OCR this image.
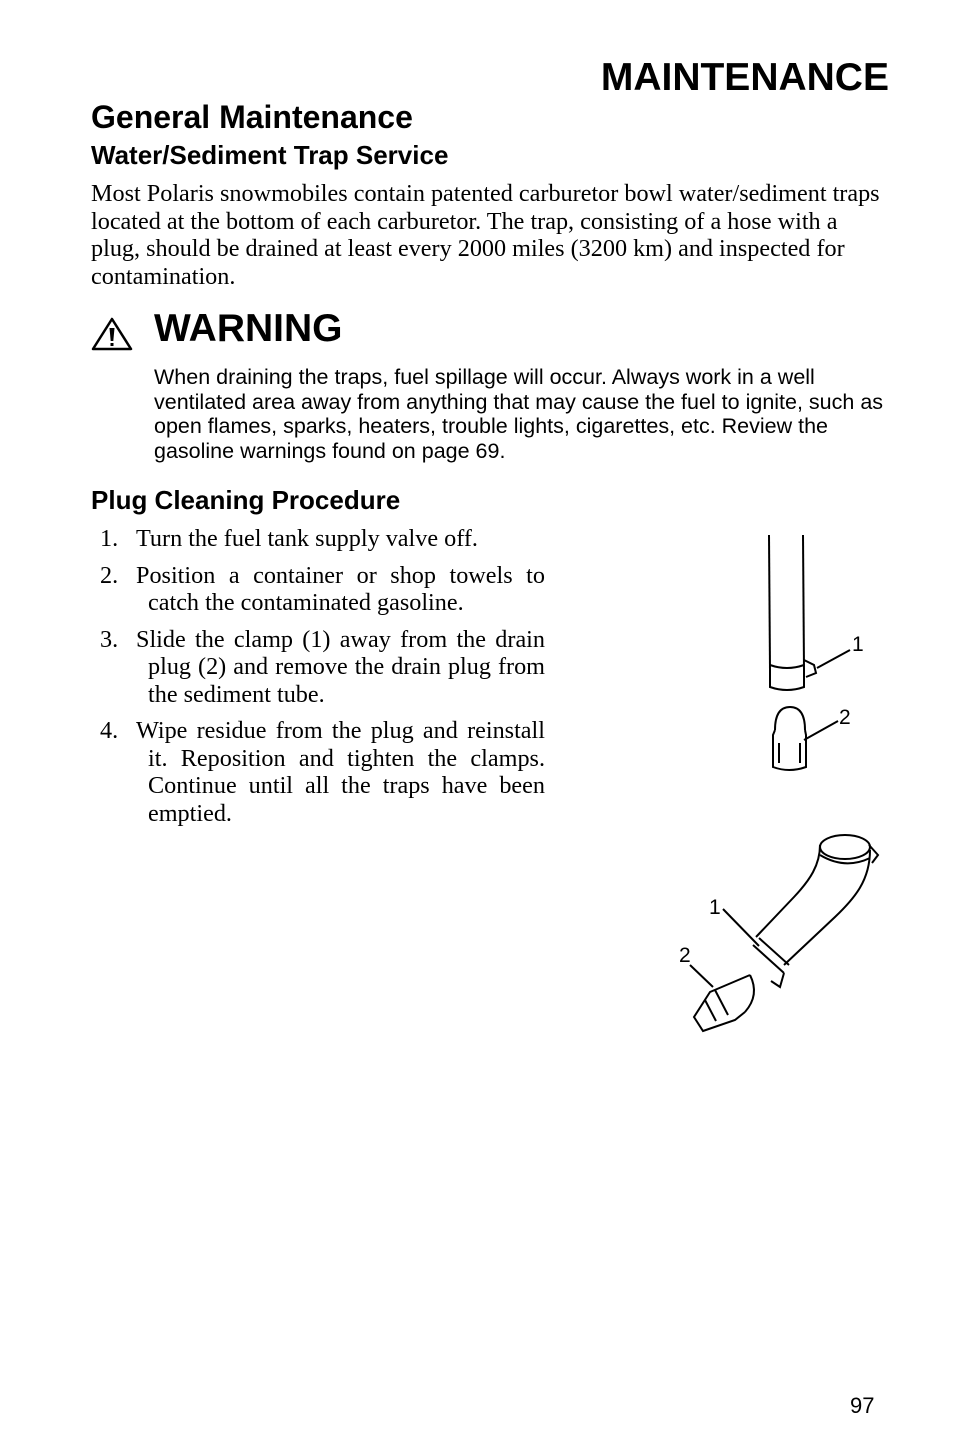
MAINTENANCE
General Maintenance
Water/Sediment Trap Service
Most Polaris snowmobiles contain patented carburetor bowl water/sediment traps located at the bottom of each carburetor. The trap, consisting of a hose with a plug, should be drained at least every 2000 miles (3200 km) and inspected for contamination.
WARNING
When draining the traps, fuel spillage will occur. Always work in a well ventilated area away from anything that may cause the fuel to ignite, such as open flames, sparks, heaters, trouble lights, cigarettes, etc. Review the gasoline warnings found on page 69.
Plug Cleaning Procedure
1. Turn the fuel tank supply valve off.
2. Position a container or shop towels to catch the contaminated gasoline.
3. Slide the clamp (1) away from the drain plug (2) and remove the drain plug from the sediment tube.
4. Wipe residue from the plug and reinstall it. Reposition and tighten the clamps. Continue until all the traps have been emptied.
1
2
1
2
97
